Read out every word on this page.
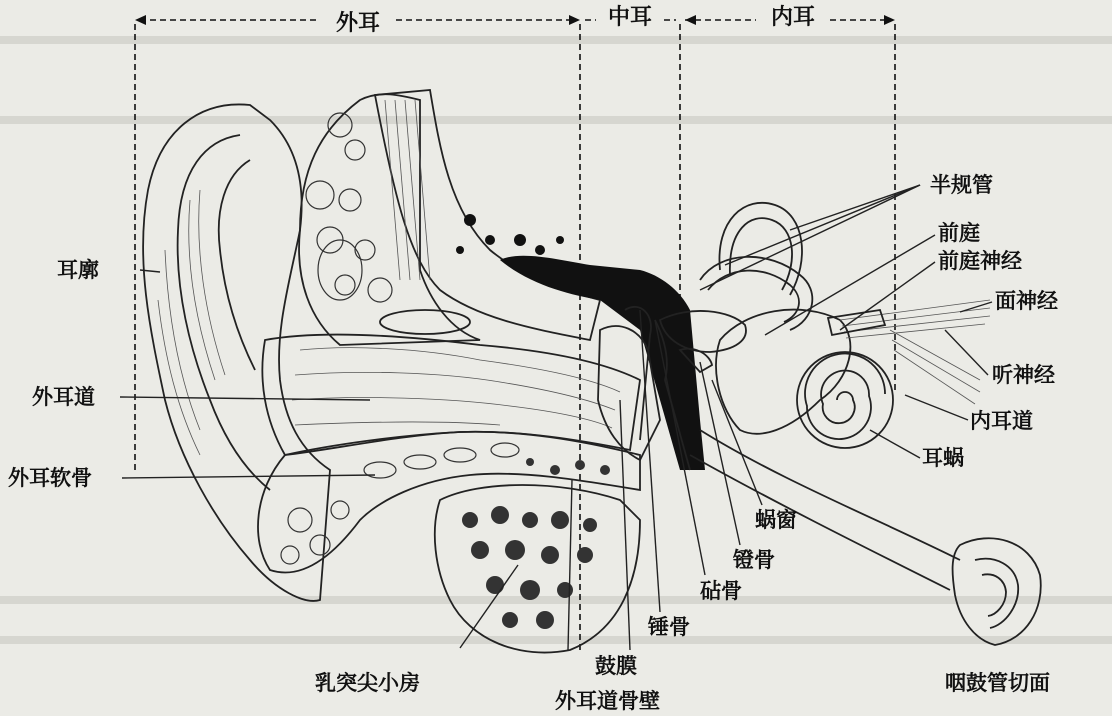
外耳	中耳	内耳
耳廓
外耳道
外耳软骨
乳突尖小房
外耳道骨壁
鼓膜
锤骨
砧骨
镫骨
蜗窗
半规管
前庭
前庭神经
面神经
听神经
内耳道
耳蜗
咽鼓管切面
